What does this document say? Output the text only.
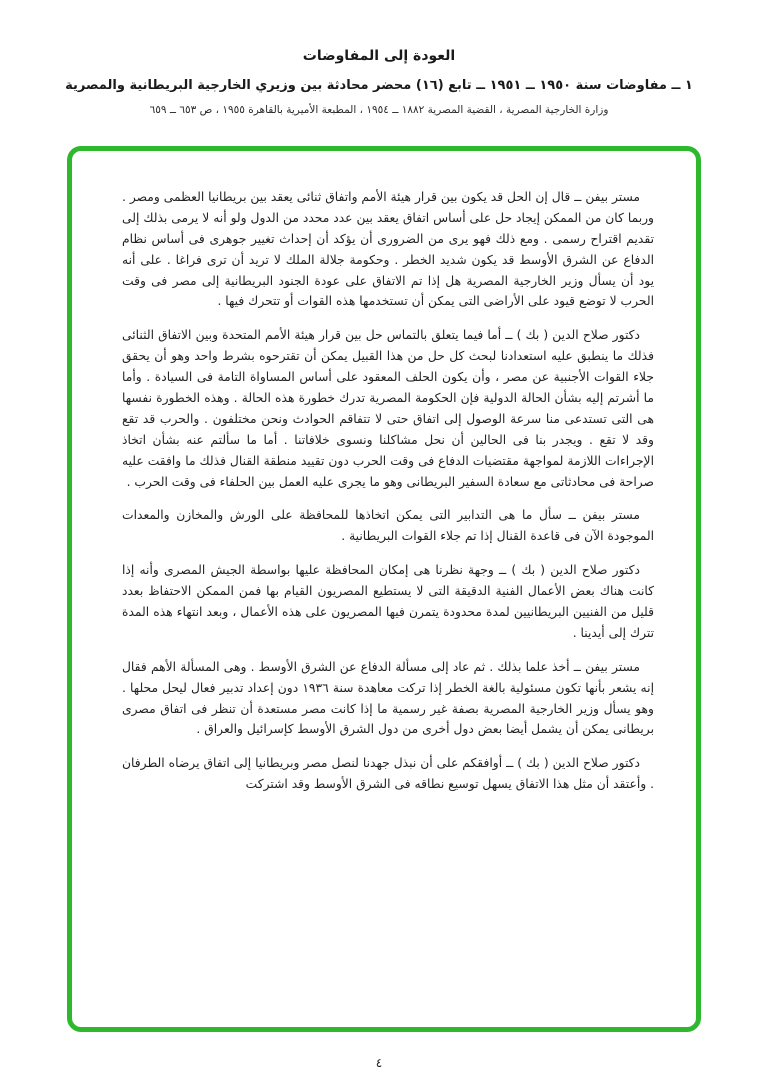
العودة إلى المفاوضات
١ ــ مفاوضات سنة ١٩٥٠ ــ ١٩٥١ ــ تابع (١٦) محضر محادثة بين وزيري الخارجية البريطانية والمصرية
وزارة الخارجية المصرية ، القضية المصرية ١٨٨٢ ــ ١٩٥٤ ، المطبعة الأميرية بالقاهرة ١٩٥٥ ، ص ٦٥٣ ــ ٦٥٩

مستر بيفن ــ قال إن الحل قد يكون بين قرار هيئة الأمم واتفاق ثنائى يعقد بين بريطانيا العظمى ومصر . وربما كان من الممكن إيجاد حل على أساس اتفاق يعقد بين عدد محدد من الدول ولو أنه لا يرمى بذلك إلى تقديم اقتراح رسمى . ومع ذلك فهو يرى من الضرورى أن يؤكد أن إحداث تغيير جوهرى فى أساس نظام الدفاع عن الشرق الأوسط قد يكون شديد الخطر . وحكومة جلالة الملك لا تريد أن ترى فراغا . على أنه يود أن يسأل وزير الخارجية المصرية هل إذا تم الاتفاق على عودة الجنود البريطانية إلى مصر فى وقت الحرب لا توضع قيود على الأراضى التى يمكن أن تستخدمها هذه القوات أو تتحرك فيها .

دكتور صلاح الدين ( بك ) ــ أما فيما يتعلق بالتماس حل بين قرار هيئة الأمم المتحدة وبين الاتفاق الثنائى فذلك ما ينطبق عليه استعدادنا لبحث كل حل من هذا القبيل يمكن أن تقترحوه بشرط واحد وهو أن يحقق جلاء القوات الأجنبية عن مصر ، وأن يكون الحلف المعقود على أساس المساواة التامة فى السيادة . وأما ما أشرتم إليه بشأن الحالة الدولية فإن الحكومة المصرية تدرك خطورة هذه الحالة . وهذه الخطورة نفسها هى التى تستدعى منا سرعة الوصول إلى اتفاق حتى لا تتفاقم الحوادث ونحن مختلفون . والحرب قد تقع وقد لا تقع . ويجدر بنا فى الحالين أن نحل مشاكلنا ونسوى خلافاتنا . أما ما سألتم عنه بشأن اتخاذ الإجراءات اللازمة لمواجهة مقتضيات الدفاع فى وقت الحرب دون تقييد منطقة القنال فذلك ما وافقت عليه صراحة فى محادثاتى مع سعادة السفير البريطانى وهو ما يجرى عليه العمل بين الحلفاء فى وقت الحرب .

مستر بيفن ــ سأل ما هى التدابير التى يمكن اتخاذها للمحافظة على الورش والمخازن والمعدات الموجودة الآن فى قاعدة القنال إذا تم جلاء القوات البريطانية .

دكتور صلاح الدين ( بك ) ــ وجهة نظرنا هى إمكان المحافظة عليها بواسطة الجيش المصرى وأنه إذا كانت هناك بعض الأعمال الفنية الدقيقة التى لا يستطيع المصريون القيام بها فمن الممكن الاحتفاظ بعدد قليل من الفنيين البريطانيين لمدة محدودة يتمرن فيها المصريون على هذه الأعمال ، وبعد انتهاء هذه المدة تترك إلى أيدينا .

مستر بيفن ــ أخذ علما بذلك . ثم عاد إلى مسألة الدفاع عن الشرق الأوسط . وهى المسألة الأهم فقال إنه يشعر بأنها تكون مسئولية بالغة الخطر إذا تركت معاهدة سنة ١٩٣٦ دون إعداد تدبير فعال ليحل محلها . وهو يسأل وزير الخارجية المصرية بصفة غير رسمية ما إذا كانت مصر مستعدة أن تنظر فى اتفاق مصرى بريطانى يمكن أن يشمل أيضا بعض دول أخرى من دول الشرق الأوسط كإسرائيل والعراق .

دكتور صلاح الدين ( بك ) ــ أوافقكم على أن نبذل جهدنا لنصل مصر وبريطانيا إلى اتفاق يرضاه الطرفان . وأعتقد أن مثل هذا الاتفاق يسهل توسيع نطاقه فى الشرق الأوسط وقد اشتركت

٤
